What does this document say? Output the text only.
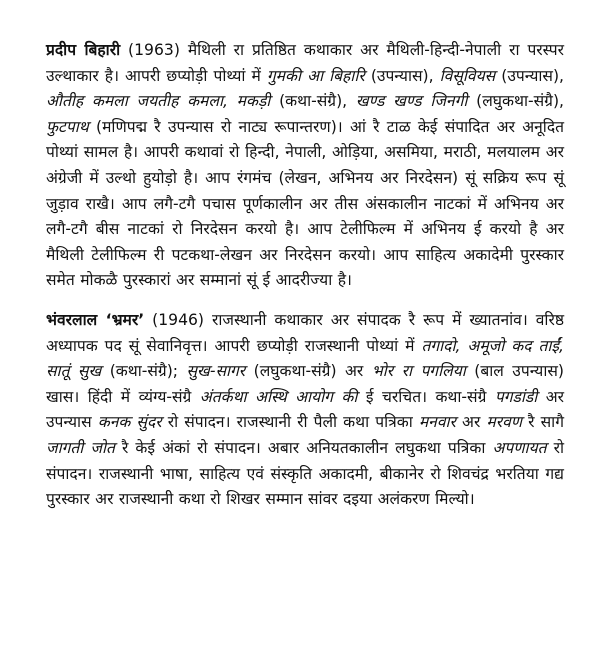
प्रदीप बिहारी (1963) मैथिली रा प्रतिष्ठित कथाकार अर मैथिली-हिन्दी-नेपाली रा परस्पर उल्थाकार है। आपरी छप्योड़ी पोथ्यां में गुमकी आ बिहारि (उपन्यास), विसूवियस (उपन्यास), औतीह कमला जयतीह कमला, मकड़ी (कथा-संग्रै), खण्ड खण्ड जिनगी (लघुकथा-संग्रै), फुटपाथ (मणिपद्म रै उपन्यास रो नाट्य रूपान्तरण)। आं रै टाळ केई संपादित अर अनूदित पोथ्यां सामल है। आपरी कथावां रो हिन्दी, नेपाली, ओड़िया, असमिया, मराठी, मलयालम अर अंग्रेजी में उल्थो हुयोड़ो है। आप रंगमंच (लेखन, अभिनय अर निरदेसन) सूं सक्रिय रूप सूं जुड़ाव राखै। आप लगै-टगै पचास पूर्णकालीन अर तीस अंसकालीन नाटकां में अभिनय अर लगै-टगै बीस नाटकां रो निरदेसन करयो है। आप टेलीफिल्म में अभिनय ई करयो है अर मैथिली टेलीफिल्म री पटकथा-लेखन अर निरदेसन करयो। आप साहित्य अकादेमी पुरस्कार समेत मोकळै पुरस्कारां अर सम्मानां सूं ई आदरीज्या है।

भंवरलाल ‘भ्रमर’ (1946) राजस्थानी कथाकार अर संपादक रै रूप में ख्यातनांव। वरिष्ठ अध्यापक पद सूं सेवानिवृत्त। आपरी छप्योड़ी राजस्थानी पोथ्यां में तगादो, अमूजो कद ताईं, सातूं सुख (कथा-संग्रै); सुख-सागर (लघुकथा-संग्रै) अर भोर रा पगलिया (बाल उपन्यास) खास। हिंदी में व्यंग्य-संग्रै अंतर्कथा अस्थि आयोग की ई चरचित। कथा-संग्रै पगडांडी अर उपन्यास कनक सुंदर रो संपादन। राजस्थानी री पैली कथा पत्रिका मनवार अर मरवण रै सागै जागती जोत रै केई अंकां रो संपादन। अबार अनियतकालीन लघुकथा पत्रिका अपणायत रो संपादन। राजस्थानी भाषा, साहित्य एवं संस्कृति अकादमी, बीकानेर रो शिवचंद्र भरतिया गद्य पुरस्कार अर राजस्थानी कथा रो शिखर सम्मान सांवर दइया अलंकरण मिल्यो।
